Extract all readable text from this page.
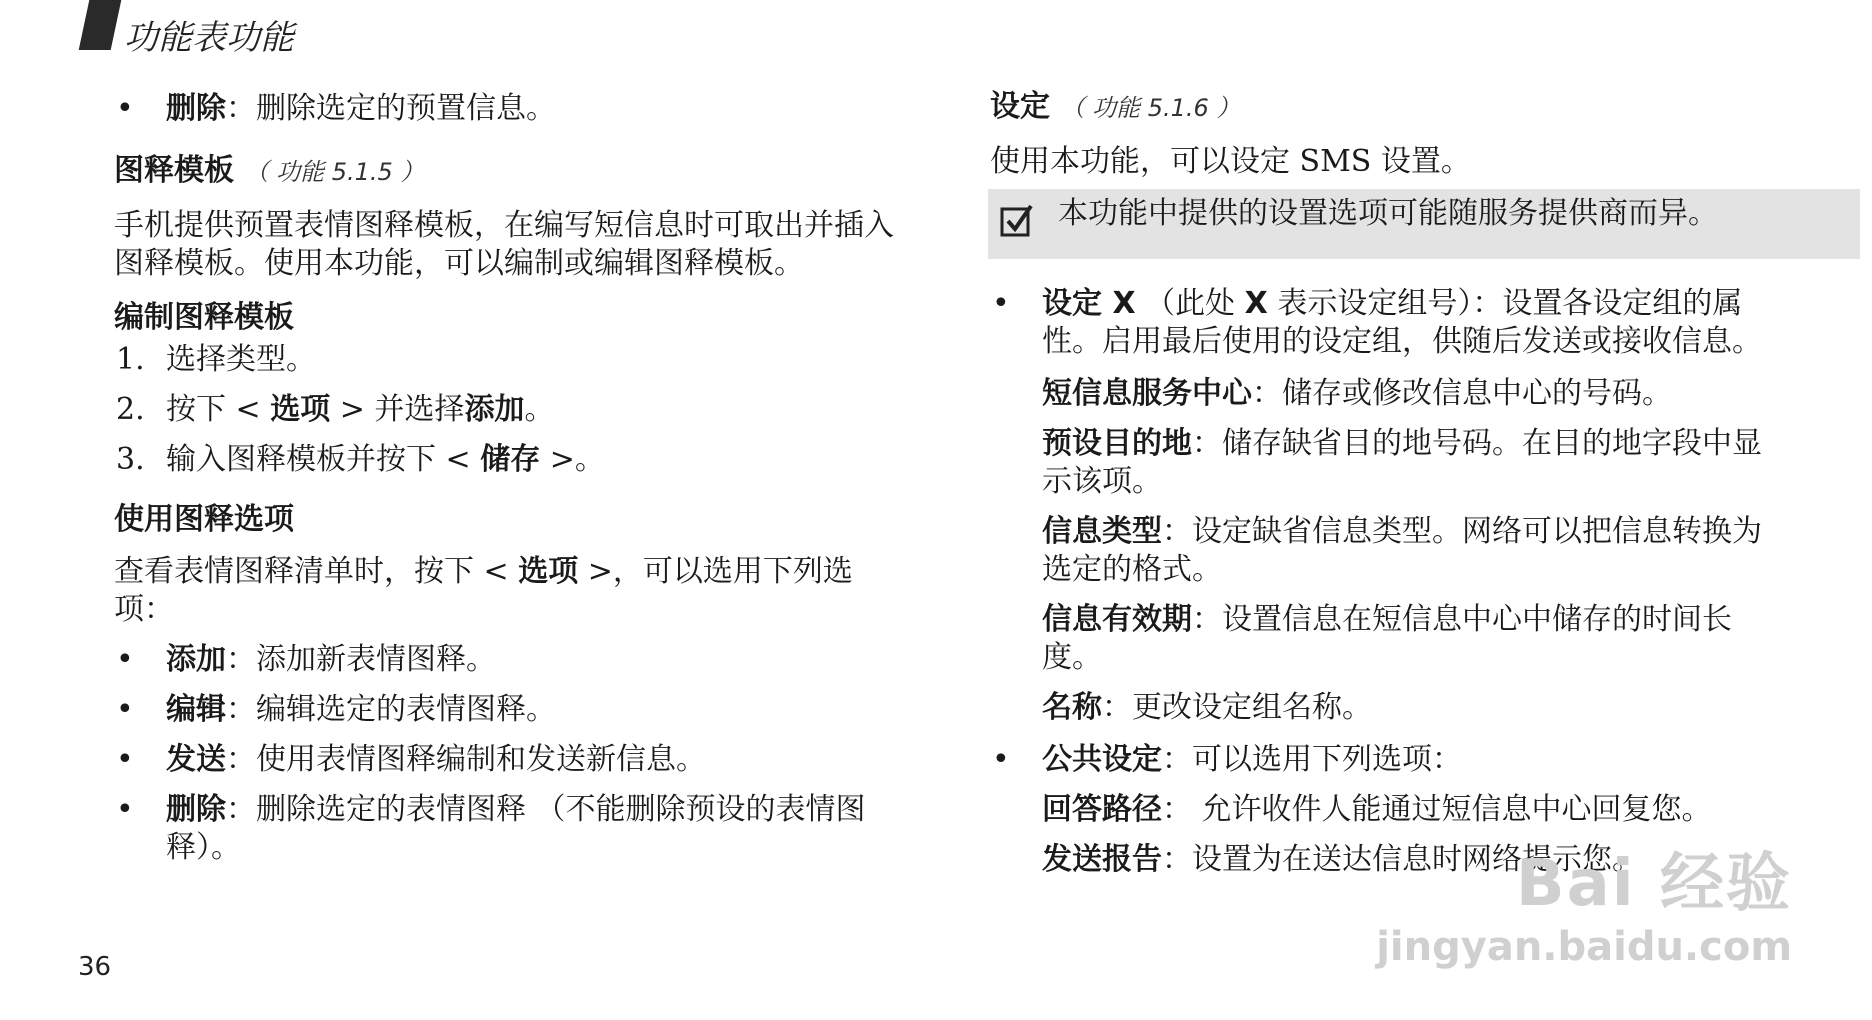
功能表功能
• 删除：删除选定的预置信息。
图释模板 （ 功能 5.1.5 ）
手机提供预置表情图释模板，在编写短信息时可取出并插入图释模板。使用本功能，可以编制或编辑图释模板。
编制图释模板
1. 选择类型。
2. 按下 < 选项 > 并选择添加。
3. 输入图释模板并按下 < 储存 >。
使用图释选项
查看表情图释清单时，按下 < 选项 >，可以选用下列选项：
• 添加：添加新表情图释。
• 编辑：编辑选定的表情图释。
• 发送：使用表情图释编制和发送新信息。
• 删除：删除选定的表情图释 （不能删除预设的表情图释）。
设定 （ 功能 5.1.6 ）
使用本功能，可以设定 SMS 设置。
本功能中提供的设置选项可能随服务提供商而异。
• 设定 X （此处 X 表示设定组号）：设置各设定组的属性。启用最后使用的设定组，供随后发送或接收信息。
短信息服务中心：储存或修改信息中心的号码。
预设目的地：储存缺省目的地号码。在目的地字段中显示该项。
信息类型：设定缺省信息类型。网络可以把信息转换为选定的格式。
信息有效期：设置信息在短信息中心中储存的时间长度。
名称：更改设定组名称。
• 公共设定：可以选用下列选项：
回答路径： 允许收件人能通过短信息中心回复您。
发送报告：设置为在送达信息时网络提示您。
36
Bai 经验
jingyan.baidu.com
